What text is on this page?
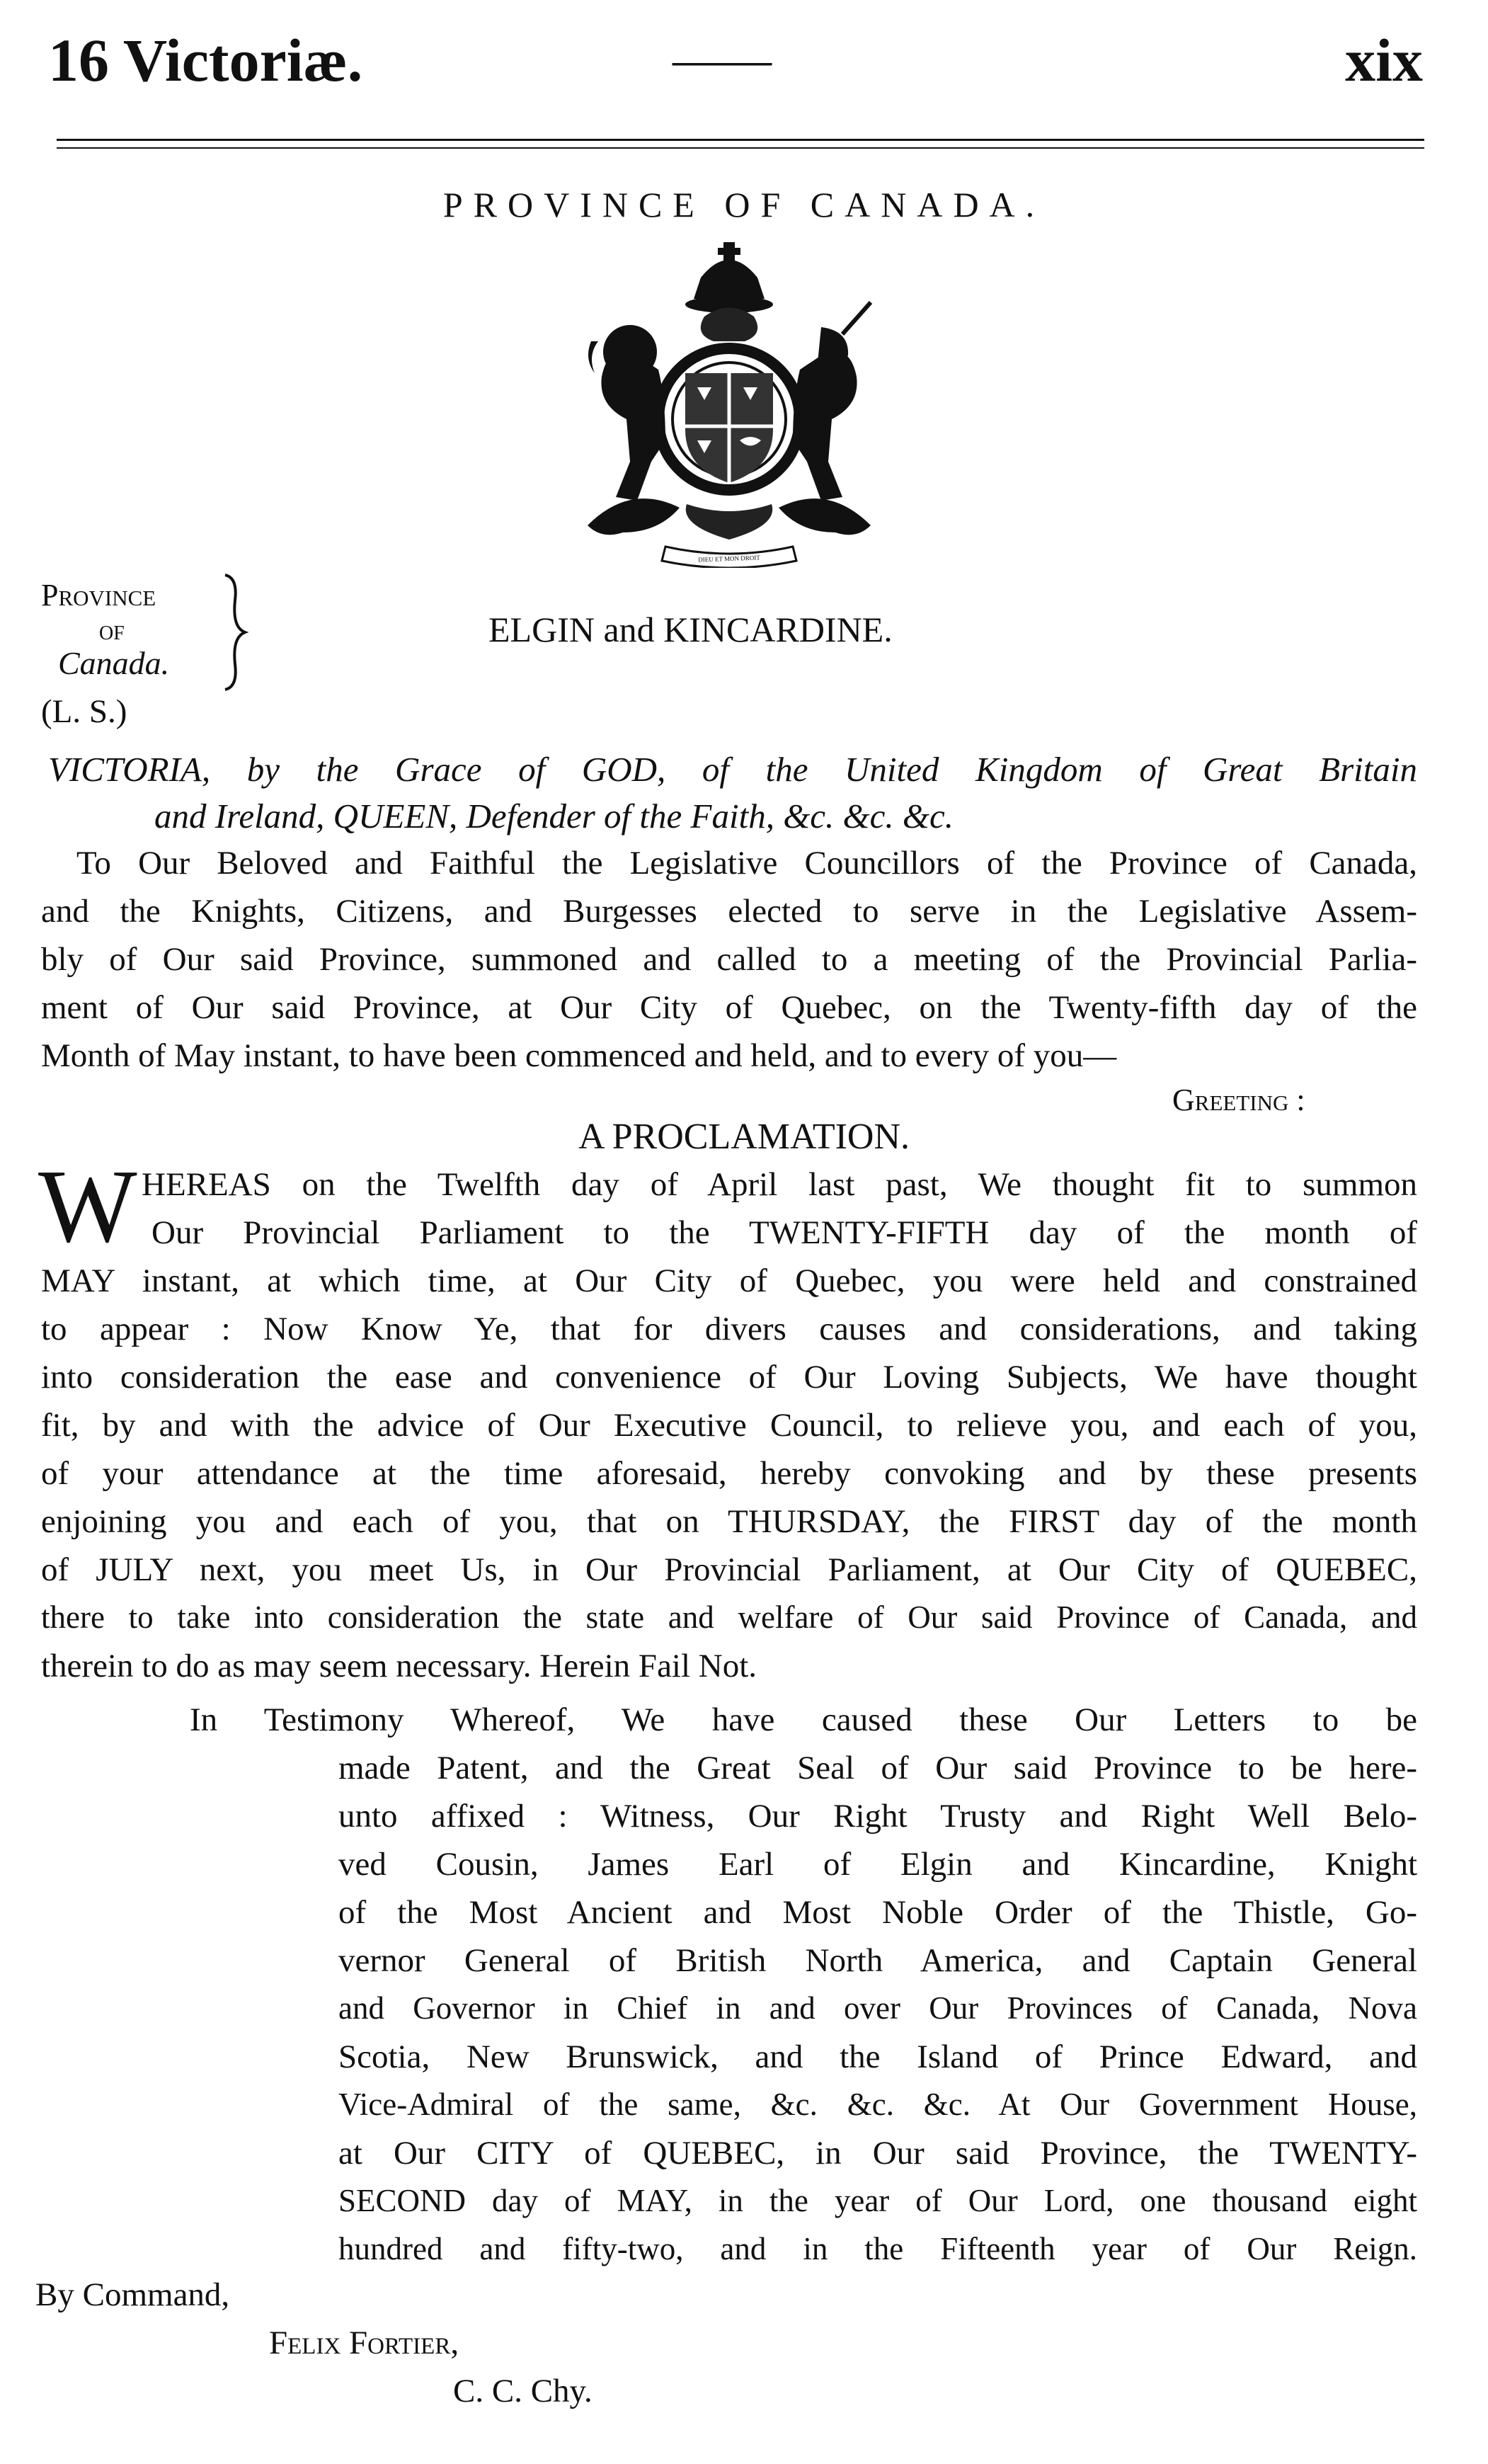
16 Victoriæ.	——	xix
PROVINCE OF CANADA.
DIEU ET MON DROIT
Province
of
Canada.
(L. S.)
ELGIN and KINCARDINE.
VICTORIA, by the Grace of GOD, of the United Kingdom of Great Britain
and Ireland, QUEEN, Defender of the Faith, &c. &c. &c.
To Our Beloved and Faithful the Legislative Councillors of the Province of Canada,
and the Knights, Citizens, and Burgesses elected to serve in the Legislative Assem-
bly of Our said Province, summoned and called to a meeting of the Provincial Parlia-
ment of Our said Province, at Our City of Quebec, on the Twenty-fifth day of the
Month of May instant, to have been commenced and held, and to every of you—
Greeting :
A PROCLAMATION.
W HEREAS on the Twelfth day of April last past, We thought fit to summon
Our Provincial Parliament to the TWENTY-FIFTH day of the month of
MAY instant, at which time, at Our City of Quebec, you were held and constrained
to appear : Now Know Ye, that for divers causes and considerations, and taking
into consideration the ease and convenience of Our Loving Subjects, We have thought
fit, by and with the advice of Our Executive Council, to relieve you, and each of you,
of your attendance at the time aforesaid, hereby convoking and by these presents
enjoining you and each of you, that on THURSDAY, the FIRST day of the month
of JULY next, you meet Us, in Our Provincial Parliament, at Our City of QUEBEC,
there to take into consideration the state and welfare of Our said Province of Canada, and
therein to do as may seem necessary. Herein Fail Not.
In Testimony Whereof, We have caused these Our Letters to be
made Patent, and the Great Seal of Our said Province to be here-
unto affixed : Witness, Our Right Trusty and Right Well Belo-
ved Cousin, James Earl of Elgin and Kincardine, Knight
of the Most Ancient and Most Noble Order of the Thistle, Go-
vernor General of British North America, and Captain General
and Governor in Chief in and over Our Provinces of Canada, Nova
Scotia, New Brunswick, and the Island of Prince Edward, and
Vice-Admiral of the same, &c. &c. &c. At Our Government House,
at Our CITY of QUEBEC, in Our said Province, the TWENTY-
SECOND day of MAY, in the year of Our Lord, one thousand eight
hundred and fifty-two, and in the Fifteenth year of Our Reign.
By Command,
Felix Fortier,
C. C. Chy.
